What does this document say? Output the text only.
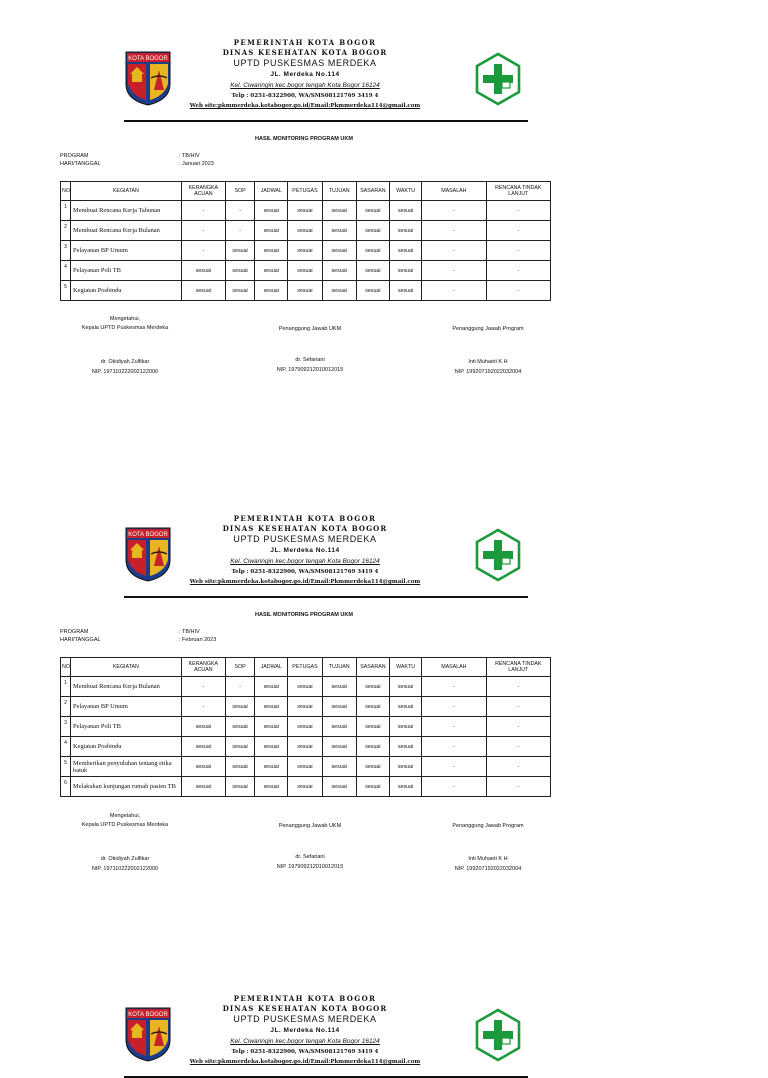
KOTA BOGOR
PEMERINTAH KOTA BOGOR
DINAS KESEHATAN KOTA BOGOR
UPTD PUSKESMAS MERDEKA
JL. Merdeka No.114
Kel. Ciwaringin kec.bogor tengah Kota Bogor 16124
Telp : 0251-8322900, WA/SMS08121769 3419 4
Web site:pkmmerdeka.kotabogor.go.id/Email:Pkmmerdeka114@gmail.com
HASIL MONITORING PROGRAM UKM
PROGRAM	: TB/HIV
HARI/TANGGAL	: Januari 2023
NO	KEGIATAN	KERANGKA ACUAN	SOP	JADWAL	PETUGAS	TUJUAN	SASARAN	WAKTU	MASALAH	RENCANA TINDAK LANJUT
1	Membuat Rencana Kerja Tahunan	-	-	sesuai	sesuai	sesuai	sesuai	sesuai	-	-
2	Membuat Rencana Kerja Bulanan	-	-	sesuai	sesuai	sesuai	sesuai	sesuai	-	-
3	Pelayanan BP Umum	-	sesuai	sesuai	sesuai	sesuai	sesuai	sesuai	-	-
4	Pelayanan Poli TB	sesuai	sesuai	sesuai	sesuai	sesuai	sesuai	sesuai	-	-
5	Kegiatan Posbindu	sesuai	sesuai	sesuai	sesuai	sesuai	sesuai	sesuai	-	-
Mengetahui,
Kepala UPTD Puskesmas Merdeka
dr. Okidiyah Zulfikar
NIP. 197110222002122000
Penanggung Jawab UKM
dr. Sefariani
NIP. 197909212010012015
Penanggung Jawab Program
Inti Muhaeti K H
NIP. 199207192022032004
KOTA BOGOR
PEMERINTAH KOTA BOGOR
DINAS KESEHATAN KOTA BOGOR
UPTD PUSKESMAS MERDEKA
JL. Merdeka No.114
Kel. Ciwaringin kec.bogor tengah Kota Bogor 16124
Telp : 0251-8322900, WA/SMS08121769 3419 4
Web site:pkmmerdeka.kotabogor.go.id/Email:Pkmmerdeka114@gmail.com
HASIL MONITORING PROGRAM UKM
PROGRAM	: TB/HIV
HARI/TANGGAL	: Februari 2023
NO	KEGIATAN	KERANGKA ACUAN	SOP	JADWAL	PETUGAS	TUJUAN	SASARAN	WAKTU	MASALAH	RENCANA TINDAK LANJUT
1	Membuat Rencana Kerja Bulanan	-	-	sesuai	sesuai	sesuai	sesuai	sesuai	-	-
2	Pelayanan BP Umum	-	sesuai	sesuai	sesuai	sesuai	sesuai	sesuai	-	-
3	Pelayanan Poli TB	sesuai	sesuai	sesuai	sesuai	sesuai	sesuai	sesuai	-	-
4	Kegiatan Posbindu	sesuai	sesuai	sesuai	sesuai	sesuai	sesuai	sesuai	-	-
5	Memberikan penyuluhan tentang etika batuk	sesuai	sesuai	sesuai	sesuai	sesuai	sesuai	sesuai	-	-
6	Melakukan kunjungan rumah pasien TB	sesuai	sesuai	sesuai	sesuai	sesuai	sesuai	sesuai	-	-
Mengetahui,
Kepala UPTD Puskesmas Merdeka
dr. Okidiyah Zulfikar
NIP. 197110222002122000
Penanggung Jawab UKM
dr. Sefariani
NIP. 197909212010012015
Penanggung Jawab Program
Inti Muhaeti K H
NIP. 199207192022032004
KOTA BOGOR
PEMERINTAH KOTA BOGOR
DINAS KESEHATAN KOTA BOGOR
UPTD PUSKESMAS MERDEKA
JL. Merdeka No.114
Kel. Ciwaringin kec.bogor tengah Kota Bogor 16124
Telp : 0251-8322900, WA/SMS08121769 3419 4
Web site:pkmmerdeka.kotabogor.go.id/Email:Pkmmerdeka114@gmail.com
